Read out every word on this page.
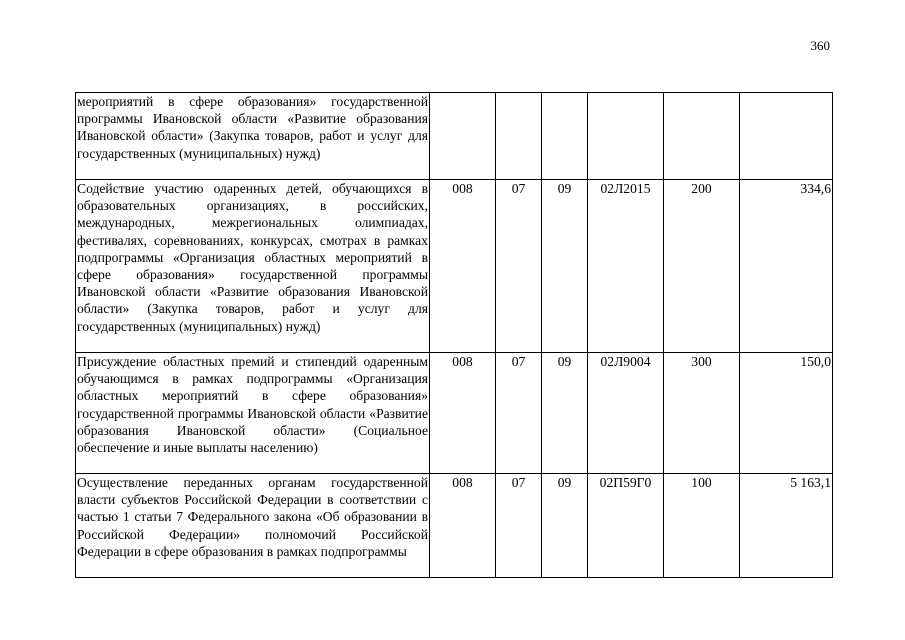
360
мероприятий в сфере образования» государственной программы Ивановской области «Развитие образования Ивановской области» (Закупка товаров, работ и услуг для государственных (муниципальных) нужд)						
Содействие участию одаренных детей, обучающихся в образовательных организациях, в российских, международных, межрегиональных олимпиадах, фестивалях, соревнованиях, конкурсах, смотрах в рамках подпрограммы «Организация областных мероприятий в сфере образования» государственной программы Ивановской области «Развитие образования Ивановской области» (Закупка товаров, работ и услуг для государственных (муниципальных) нужд)	008	07	09	02Л2015	200	334,6
Присуждение областных премий и стипендий одаренным обучающимся в рамках подпрограммы «Организация областных мероприятий в сфере образования» государственной программы Ивановской области «Развитие образования Ивановской области» (Социальное обеспечение и иные выплаты населению)	008	07	09	02Л9004	300	150,0
Осуществление переданных органам государственной власти субъектов Российской Федерации в соответствии с частью 1 статьи 7 Федерального закона «Об образовании в Российской Федерации» полномочий Российской Федерации в сфере образования в рамках подпрограммы	008	07	09	02П59Г0	100	5 163,1
